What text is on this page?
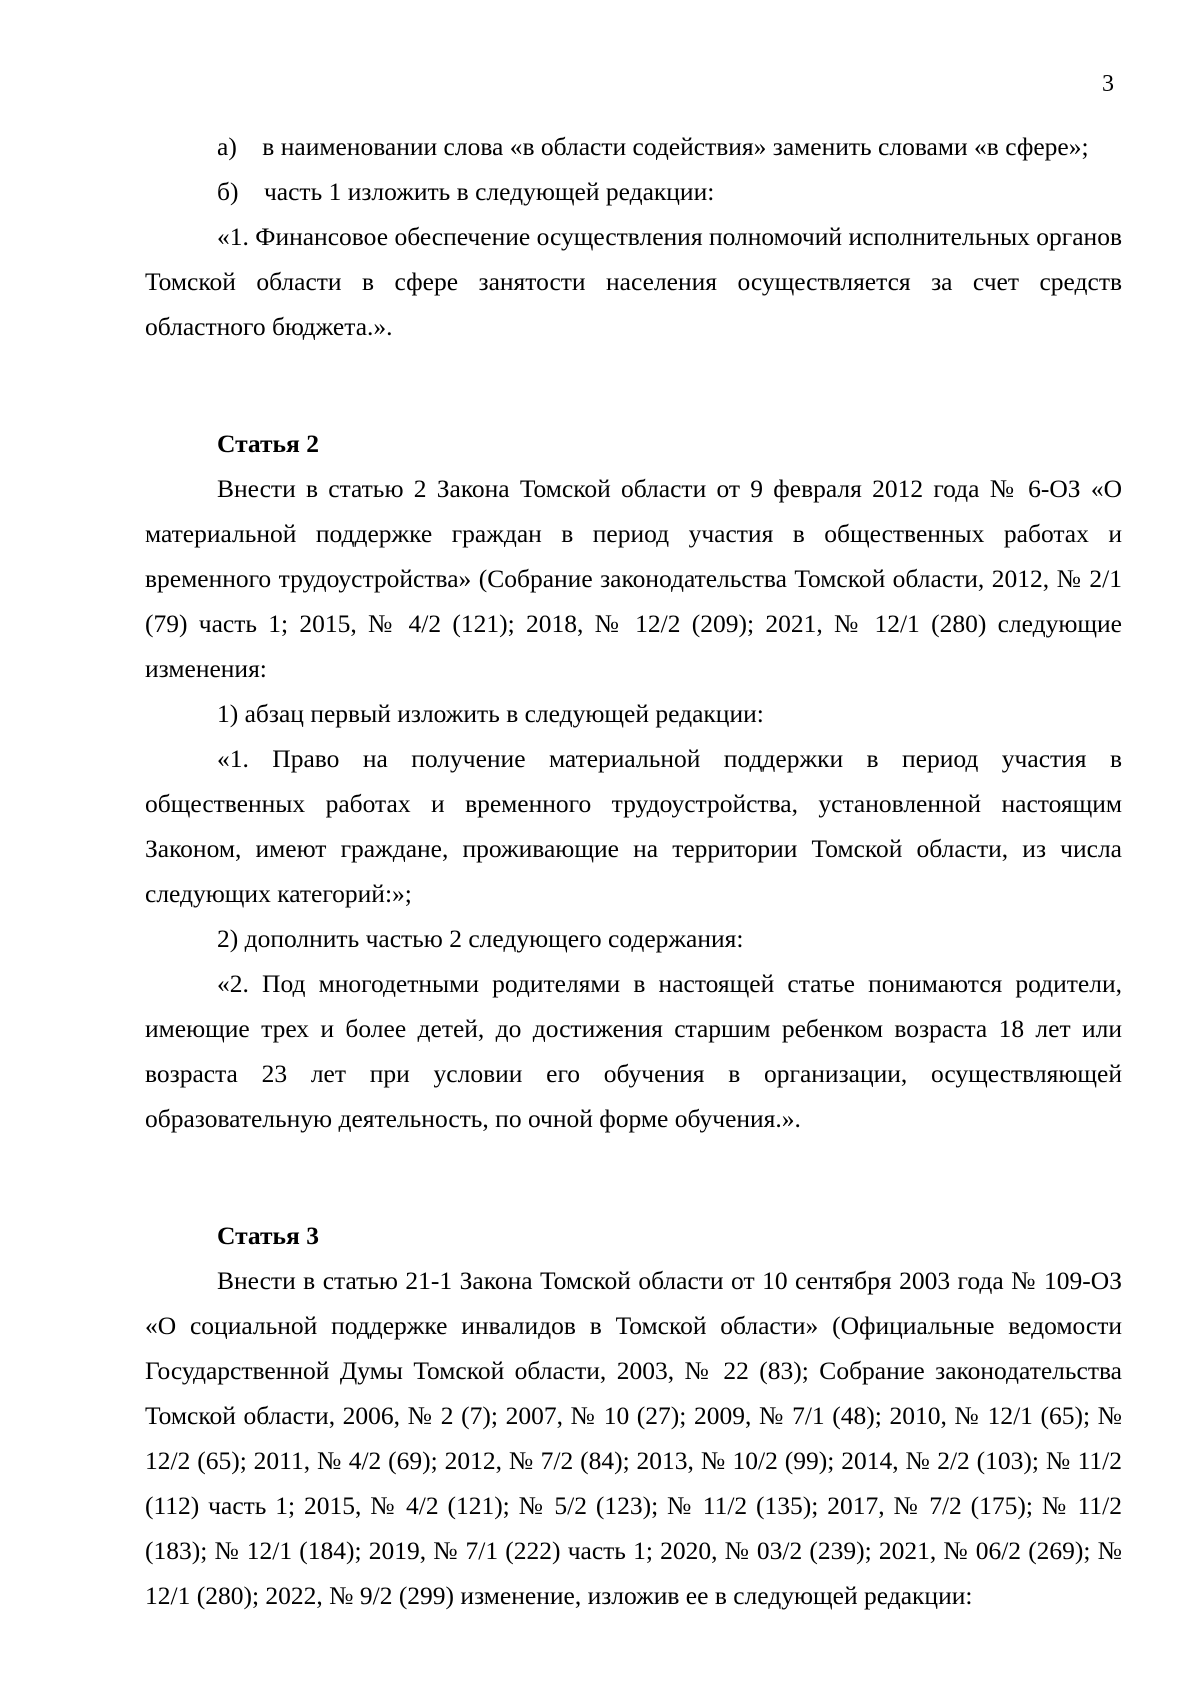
3

а) в наименовании слова «в области содействия» заменить словами «в сфере»;

б) часть 1 изложить в следующей редакции:

«1. Финансовое обеспечение осуществления полномочий исполнительных органов Томской области в сфере занятости населения осуществляется за счет средств областного бюджета.».

Статья 2

Внести в статью 2 Закона Томской области от 9 февраля 2012 года № 6-ОЗ «О материальной поддержке граждан в период участия в общественных работах и временного трудоустройства» (Собрание законодательства Томской области, 2012, № 2/1 (79) часть 1; 2015, № 4/2 (121); 2018, № 12/2 (209); 2021, № 12/1 (280) следующие изменения:

1) абзац первый изложить в следующей редакции:

«1. Право на получение материальной поддержки в период участия в общественных работах и временного трудоустройства, установленной настоящим Законом, имеют граждане, проживающие на территории Томской области, из числа следующих категорий:»;

2) дополнить частью 2 следующего содержания:

«2. Под многодетными родителями в настоящей статье понимаются родители, имеющие трех и более детей, до достижения старшим ребенком возраста 18 лет или возраста 23 лет при условии его обучения в организации, осуществляющей образовательную деятельность, по очной форме обучения.».

Статья 3

Внести в статью 21-1 Закона Томской области от 10 сентября 2003 года № 109-ОЗ «О социальной поддержке инвалидов в Томской области» (Официальные ведомости Государственной Думы Томской области, 2003, № 22 (83); Собрание законодательства Томской области, 2006, № 2 (7); 2007, № 10 (27); 2009, № 7/1 (48); 2010, № 12/1 (65); № 12/2 (65); 2011, № 4/2 (69); 2012, № 7/2 (84); 2013, № 10/2 (99); 2014, № 2/2 (103); № 11/2 (112) часть 1; 2015, № 4/2 (121); № 5/2 (123); № 11/2 (135); 2017, № 7/2 (175); № 11/2 (183); № 12/1 (184); 2019, № 7/1 (222) часть 1; 2020, № 03/2 (239); 2021, № 06/2 (269); № 12/1 (280); 2022, № 9/2 (299) изменение, изложив ее в следующей редакции:
